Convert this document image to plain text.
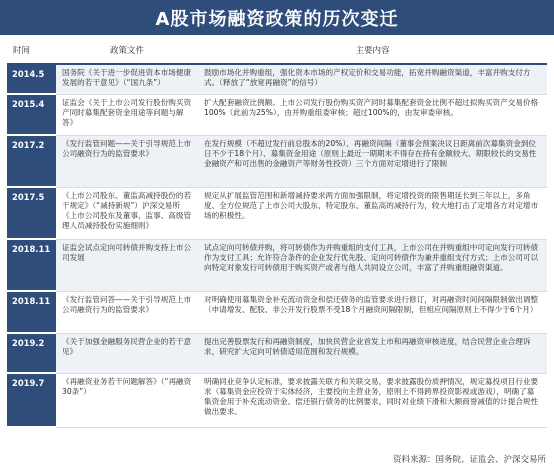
A股市场融资政策的历次变迁
时间	政策文件	主要内容
2014.5	国务院《关于进一步促进资本市场健康发展的若干意见》（“国九条”）	鼓励市场化并购重组，强化资本市场的产权定价和交易功能，拓宽并购融资渠道，丰富并购支付方式。（释放了“放宽再融资”的信号）
2015.4	证监会《关于上市公司发行股份购买资产同时募集配套资金用途等问题与解答》	扩大配套融资比例额。上市公司发行股份购买资产同时募集配套资金比例不超过拟购买资产交易价格100%（此前为25%），由并购重组委审核；超过100%的，由发审委审核。
2017.2	《发行监管问题——关于引导规范上市公司融资行为的监管要求》	在发行规模（不超过发行前总股本的20%）、再融资间隔（董事会预案决议日距离前次募集资金到位日不少于18个月）、募集资金用途（原则上最近一期期末不得存在持有金额较大、期限较长的交易性金融资产和可出售的金融资产等财务性投资）三个方面对定增进行了限制
2017.5	《上市公司股东、董监高减持股份的若干规定》（“减持新规”）沪深交易所《上市公司股东及董事、监事、高级管理人员减持股份实施细则》	规定从扩展监管范围和新增减持要求两方面加强限制，将定增投资的限售期延长到三年以上，多角度、全方位规范了上市公司大股东、特定股东、董监高的减持行为，较大地打击了定增各方对定增市场的积极性。
2018.11	证监会试点定向可转债并购支持上市公司发展	试点定向可转债并购，将可转债作为并购重组的支付工具，上市公司在并购重组中可定向发行可转债作为支付工具；允许符合条件的企业发行优先股、定向可转债作为兼并重组支付方式；上市公司可以向特定对象发行可转债用于购买资产或者与他人共同设立公司，丰富了并购重组融资渠道。
2018.11	《发行监管问答——关于引导规范上市公司融资行为的监管要求》	对明确使用募集资金补充流动资金和偿还债务的监管要求进行修订，对再融资时间间隔限制做出调整（申请增发、配股、非公开发行股票不受18个月融资间隔限制，但相应间隔原则上不得少于6个月）
2019.2	《关于加强金融服务民营企业的若干意见》	提出完善股票发行和再融资制度，加快民营企业首发上市和再融资审核进度，结合民营企业合理诉求，研究扩大定向可转债适用范围和发行规模。
2019.7	《再融资业务若干问题解答》（“再融资30条”）	明确同业竞争认定标准，要求披露关联方和关联交易，要求披露股份质押情况，规定募投项目行业要求（募集资金应投资于实体经济，主要投向主营业务，原则上不得跨界投资影视或游戏），明确了募集资金用于补充流动资金、偿还银行债务的比例要求，同时对业绩下滑和大额商誉减值的计提合规性做出要求。
资料来源：国务院、证监会、沪深交易所
